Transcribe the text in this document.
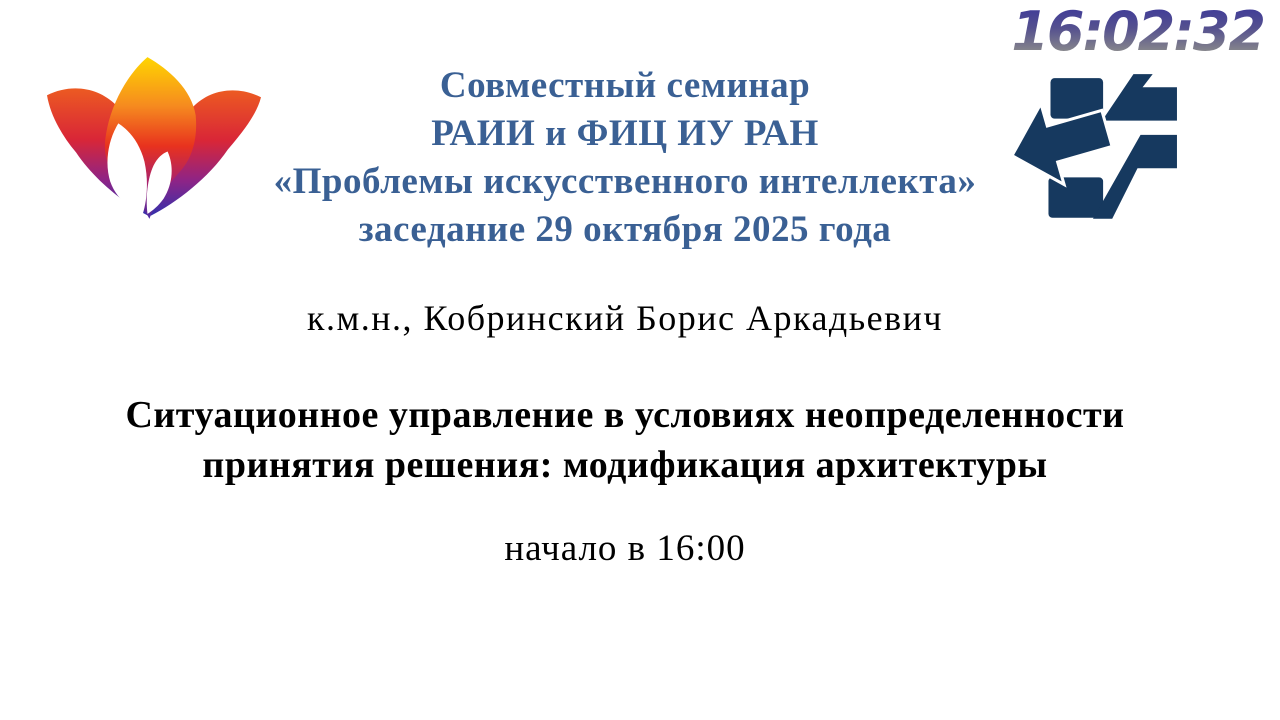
Совместный семинар
РАИИ и ФИЦ ИУ РАН
«Проблемы искусственного интеллекта»
заседание 29 октября 2025 года
16:02:32
к.м.н., Кобринский Борис Аркадьевич
Ситуационное управление в условиях неопределенности
принятия решения: модификация архитектуры
начало в 16:00
